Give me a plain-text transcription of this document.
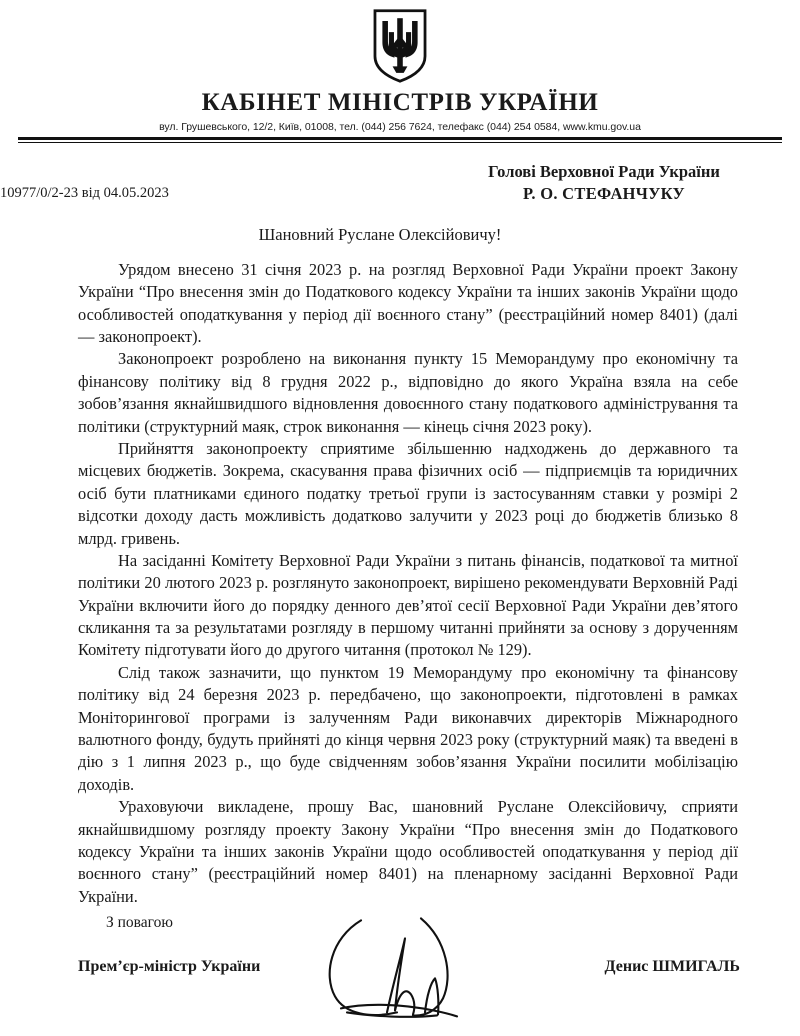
КАБІНЕТ МІНІСТРІВ УКРАЇНИ
вул. Грушевського, 12/2, Київ, 01008, тел. (044) 256 7624, телефакс (044) 254 0584, www.kmu.gov.ua
Голові Верховної Ради України
Р. О. СТЕФАНЧУКУ
10977/0/2-23 від 04.05.2023
Шановний Руслане Олексійовичу!

Урядом внесено 31 січня 2023 р. на розгляд Верховної Ради України проект Закону України “Про внесення змін до Податкового кодексу України та інших законів України щодо особливостей оподаткування у період дії воєнного стану” (реєстраційний номер 8401) (далі — законопроект).

Законопроект розроблено на виконання пункту 15 Меморандуму про економічну та фінансову політику від 8 грудня 2022 р., відповідно до якого Україна взяла на себе зобов’язання якнайшвидшого відновлення довоєнного стану податкового адміністрування та політики (структурний маяк, строк виконання — кінець січня 2023 року).

Прийняття законопроекту сприятиме збільшенню надходжень до державного та місцевих бюджетів. Зокрема, скасування права фізичних осіб — підприємців та юридичних осіб бути платниками єдиного податку третьої групи із застосуванням ставки у розмірі 2 відсотки доходу дасть можливість додатково залучити у 2023 році до бюджетів близько 8 млрд. гривень.

На засіданні Комітету Верховної Ради України з питань фінансів, податкової та митної політики 20 лютого 2023 р. розглянуто законопроект, вирішено рекомендувати Верховній Раді України включити його до порядку денного дев’ятої сесії Верховної Ради України дев’ятого скликання та за результатами розгляду в першому читанні прийняти за основу з дорученням Комітету підготувати його до другого читання (протокол № 129).

Слід також зазначити, що пунктом 19 Меморандуму про економічну та фінансову політику від 24 березня 2023 р. передбачено, що законопроекти, підготовлені в рамках Моніторингової програми із залученням Ради виконавчих директорів Міжнародного валютного фонду, будуть прийняті до кінця червня 2023 року (структурний маяк) та введені в дію з 1 липня 2023 р., що буде свідченням зобов’язання України посилити мобілізацію доходів.

Ураховуючи викладене, прошу Вас, шановний Руслане Олексійовичу, сприяти якнайшвидшому розгляду проекту Закону України “Про внесення змін до Податкового кодексу України та інших законів України щодо особливостей оподаткування у період дії воєнного стану” (реєстраційний номер 8401) на пленарному засіданні Верховної Ради України.

З повагою
Прем’єр-міністр України	Денис ШМИГАЛЬ
